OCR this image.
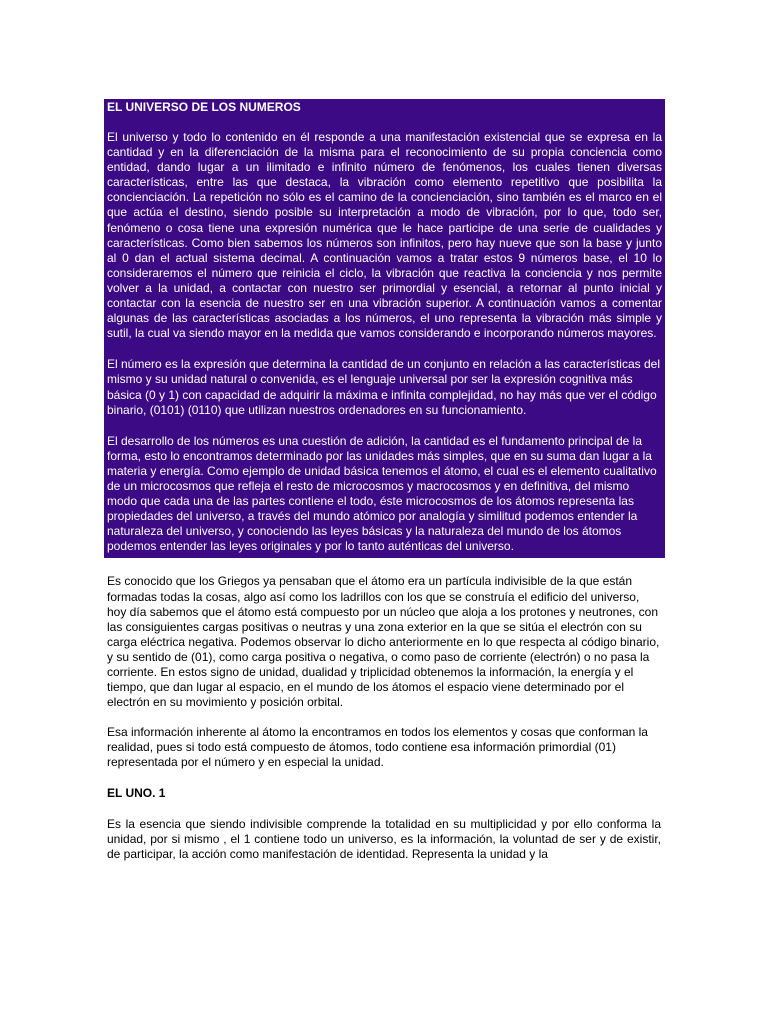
EL UNIVERSO DE LOS NUMEROS

El universo y todo lo contenido en él responde a una manifestación existencial que se expresa en la cantidad y en la diferenciación de la misma para el reconocimiento de su propia conciencia como entidad, dando lugar a un ilimitado e infinito número de fenómenos, los cuales tienen diversas características, entre las que destaca, la vibración como elemento repetitivo que posibilita la concienciación. La repetición no sólo es el camino de la concienciación, sino también es el marco en el que actúa el destino, siendo posible su interpretación a modo de vibración, por lo que, todo ser, fenómeno o cosa tiene una expresión numérica que le hace participe de una serie de cualidades y características. Como bien sabemos los números son infinitos, pero hay nueve que son la base y junto al 0 dan el actual sistema decimal. A continuación vamos a tratar estos 9 números base, el 10 lo consideraremos el número que reinicia el ciclo, la vibración que reactiva la conciencia y nos permite volver a la unidad, a contactar con nuestro ser primordial y esencial, a retornar al punto inicial y contactar con la esencia de nuestro ser en una vibración superior. A continuación vamos a comentar algunas de las características asociadas a los números, el uno representa la vibración más simple y sutil, la cual va siendo mayor en la medida que vamos considerando e incorporando números mayores.

El número es la expresión que determina la cantidad de un conjunto en relación a las características del mismo y su unidad natural o convenida, es el lenguaje universal por ser la expresión cognitiva más básica (0 y 1) con capacidad de adquirir la máxima e infinita complejidad, no hay más que ver el código binario, (0101) (0110) que utilizan nuestros ordenadores en su funcionamiento.

El desarrollo de los números es una cuestión de adición, la cantidad es el fundamento principal de la forma, esto lo encontramos determinado por las unidades más simples, que en su suma dan lugar a la materia y energía. Como ejemplo de unidad básica tenemos el átomo, el cual es el elemento cualitativo de un microcosmos que refleja el resto de microcosmos y macrocosmos y en definitiva, del mismo modo que cada una de las partes contiene el todo, éste microcosmos de los átomos representa las propiedades del universo, a través del mundo atómico por analogía y similitud podemos entender la naturaleza del universo, y conociendo las leyes básicas y la naturaleza del mundo de los átomos podemos entender las leyes originales y por lo tanto auténticas del universo.

Es conocido que los Griegos ya pensaban que el átomo era un partícula indivisible de la que están formadas todas la cosas, algo así como los ladrillos con los que se construía el edificio del universo, hoy día sabemos que el átomo está compuesto por un núcleo que aloja a los protones y neutrones, con las consiguientes cargas positivas o neutras y una zona exterior en la que se sitúa el electrón con su carga eléctrica negativa. Podemos observar lo dicho anteriormente en lo que respecta al código binario, y su sentido de (01), como carga positiva o negativa, o como paso de corriente (electrón) o no pasa la corriente. En estos signo de unidad, dualidad y triplicidad obtenemos la información, la energía y el tiempo, que dan lugar al espacio, en el mundo de los átomos el espacio viene determinado por el electrón en su movimiento y posición orbital.

Esa información inherente al átomo la encontramos en todos los elementos y cosas que conforman la realidad, pues si todo está compuesto de átomos, todo contiene esa información primordial (01) representada por el número y en especial la unidad.

EL UNO. 1

Es la esencia que siendo indivisible comprende la totalidad en su multiplicidad y por ello conforma la unidad, por si mismo , el 1 contiene todo un universo, es la información, la voluntad de ser y de existir, de participar, la acción como manifestación de identidad. Representa la unidad y la
